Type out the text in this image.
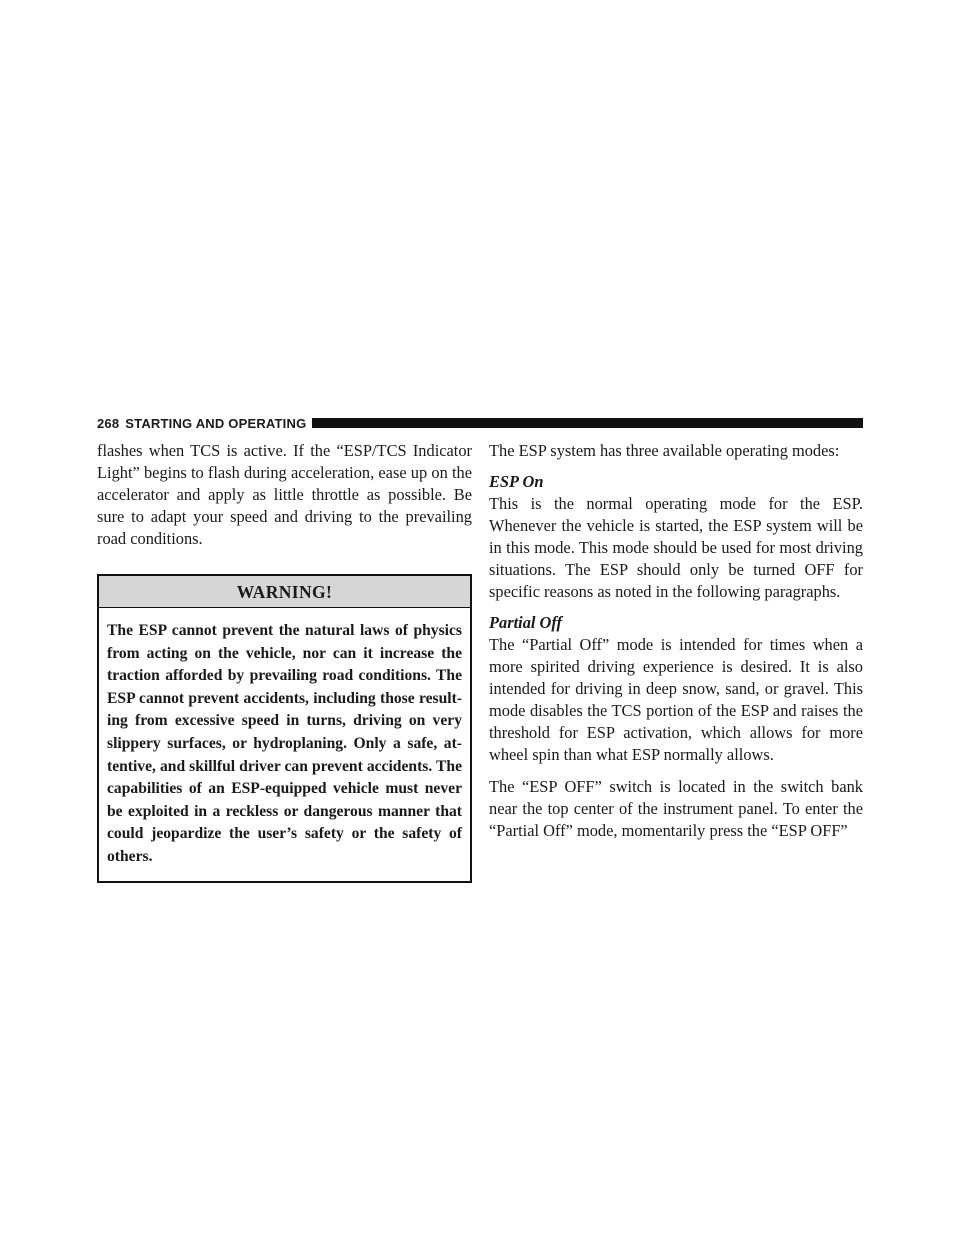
268 STARTING AND OPERATING

flashes when TCS is active. If the “ESP/TCS Indicator Light” begins to flash during acceleration, ease up on the accelerator and apply as little throttle as possible. Be sure to adapt your speed and driving to the prevailing road conditions.

WARNING!
The ESP cannot prevent the natural laws of physics from acting on the vehicle, nor can it increase the traction afforded by prevailing road conditions. The ESP cannot prevent accidents, including those resulting from excessive speed in turns, driving on very slippery surfaces, or hydroplaning. Only a safe, attentive, and skillful driver can prevent accidents. The capabilities of an ESP-equipped vehicle must never be exploited in a reckless or dangerous manner that could jeopardize the user’s safety or the safety of others.

The ESP system has three available operating modes:

ESP On

This is the normal operating mode for the ESP. Whenever the vehicle is started, the ESP system will be in this mode. This mode should be used for most driving situations. The ESP should only be turned OFF for specific reasons as noted in the following paragraphs.

Partial Off

The “Partial Off” mode is intended for times when a more spirited driving experience is desired. It is also intended for driving in deep snow, sand, or gravel. This mode disables the TCS portion of the ESP and raises the threshold for ESP activation, which allows for more wheel spin than what ESP normally allows.

The “ESP OFF” switch is located in the switch bank near the top center of the instrument panel. To enter the “Partial Off” mode, momentarily press the “ESP OFF”
